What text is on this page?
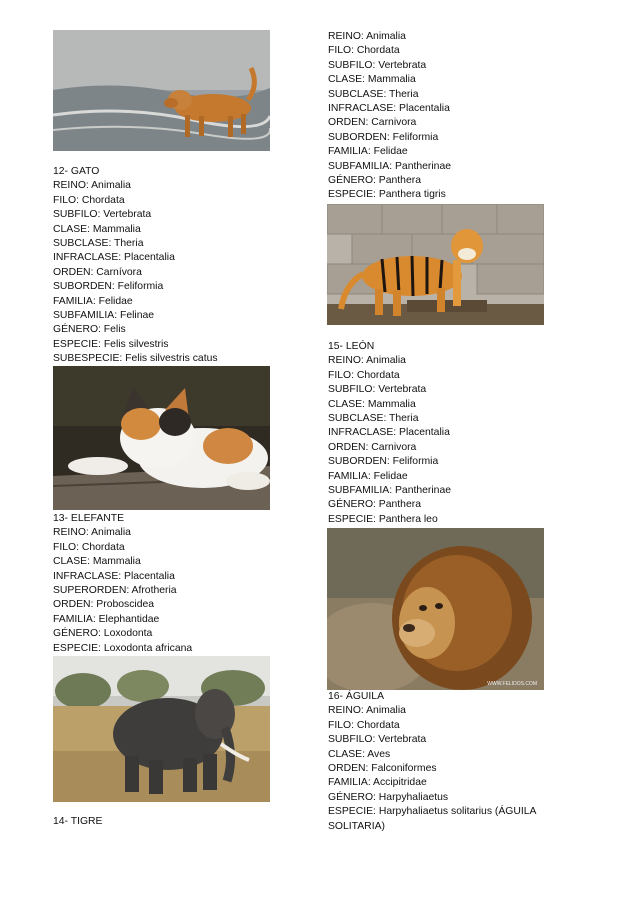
12- GATO
REINO: Animalia
FILO: Chordata
SUBFILO: Vertebrata
CLASE: Mammalia
SUBCLASE: Theria
INFRACLASE: Placentalia
ORDEN: Carnívora
SUBORDEN: Feliformia
FAMILIA: Felidae
SUBFAMILIA: Felinae
GÉNERO: Felis
ESPECIE: Felis silvestris
SUBESPECIE: Felis silvestris catus
13- ELEFANTE
REINO: Animalia
FILO: Chordata
CLASE: Mammalia
INFRACLASE: Placentalia
SUPERORDEN: Afrotheria
ORDEN: Proboscidea
FAMILIA: Elephantidae
GÉNERO: Loxodonta
ESPECIE: Loxodonta africana
14- TIGRE
REINO: Animalia
FILO: Chordata
SUBFILO: Vertebrata
CLASE: Mammalia
SUBCLASE: Theria
INFRACLASE: Placentalia
ORDEN: Carnivora
SUBORDEN: Feliformia
FAMILIA: Felidae
SUBFAMILIA: Pantherinae
GÉNERO: Panthera
ESPECIE: Panthera tigris
15- LEÓN
REINO: Animalia
FILO: Chordata
SUBFILO: Vertebrata
CLASE: Mammalia
SUBCLASE: Theria
INFRACLASE: Placentalia
ORDEN: Carnivora
SUBORDEN: Feliformia
FAMILIA: Felidae
SUBFAMILIA: Pantherinae
GÉNERO: Panthera
ESPECIE: Panthera leo
WWW.FELIDOS.COM
16- ÁGUILA
REINO: Animalia
FILO: Chordata
SUBFILO: Vertebrata
CLASE: Aves
ORDEN: Falconiformes
FAMILIA: Accipitridae
GÉNERO: Harpyhaliaetus
ESPECIE: Harpyhaliaetus solitarius (ÁGUILA SOLITARIA)
